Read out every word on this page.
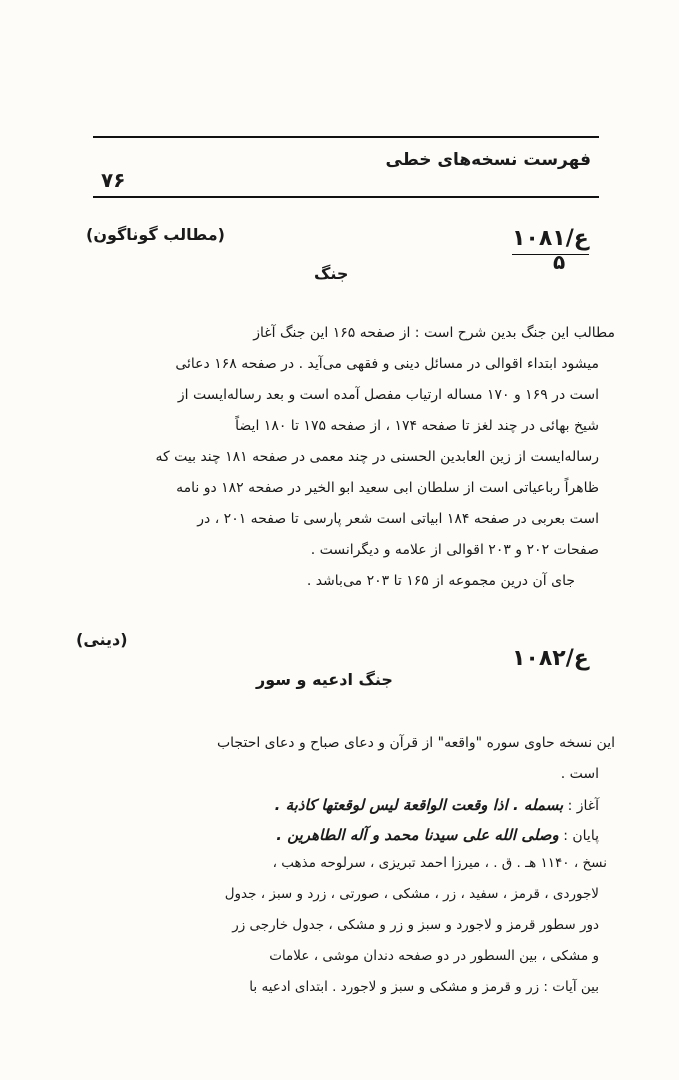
فهرست نسخه‌های خطی
۷۶
۱۰۸۱/ع
۵
(مطالب گوناگون)
جنگ
مطالب این جنگ بدین شرح است : از صفحه ۱۶۵ این جنگ آغاز
میشود ابتداء اقوالی در مسائل دینی و فقهی می‌آید . در صفحه ۱۶۸ دعائی
است در ۱۶۹ و ۱۷۰ مساله ارتیاب مفصل آمده است و بعد رساله‌ایست از
شیخ بهائی در چند لغز تا صفحه ۱۷۴ ، از صفحه ۱۷۵ تا ۱۸۰ ایضاً
رساله‌ایست از زین العابدین الحسنی در چند معمی در صفحه ۱۸۱ چند بیت که
ظاهراً رباعیاتی است از سلطان ابی سعید ابو الخیر در صفحه ۱۸۲ دو نامه
است بعربی در صفحه ۱۸۴ ابیاتی است شعر پارسی تا صفحه ۲۰۱ ، در
صفحات ۲۰۲ و ۲۰۳ اقوالی از علامه و دیگرانست .
جای آن درین مجموعه از ۱۶۵ تا ۲۰۳ می‌باشد .
(دینی)
۱۰۸۲/ع
جنگ ادعیه و سور
این نسخه حاوی سوره "واقعه" از قرآن و دعای صباح و دعای احتجاب
است .
آغاز : بسمله . اذا وقعت الواقعة لیس لوقعتها کاذبة .
پایان : وصلی الله علی سیدنا محمد و آله الطاهرین .
نسخ ، ۱۱۴۰ هـ . ق . ، میرزا احمد تبریزی ، سرلوحه مذهب ،
لاجوردی ، قرمز ، سفید ، زر ، مشکی ، صورتی ، زرد و سبز ، جدول
دور سطور قرمز و لاجورد و سبز و زر و مشکی ، جدول خارجی زر
و مشکی ، بین السطور در دو صفحه دندان موشی ، علامات
بین آیات : زر و قرمز و مشکی و سبز و لاجورد . ابتدای ادعیه با
